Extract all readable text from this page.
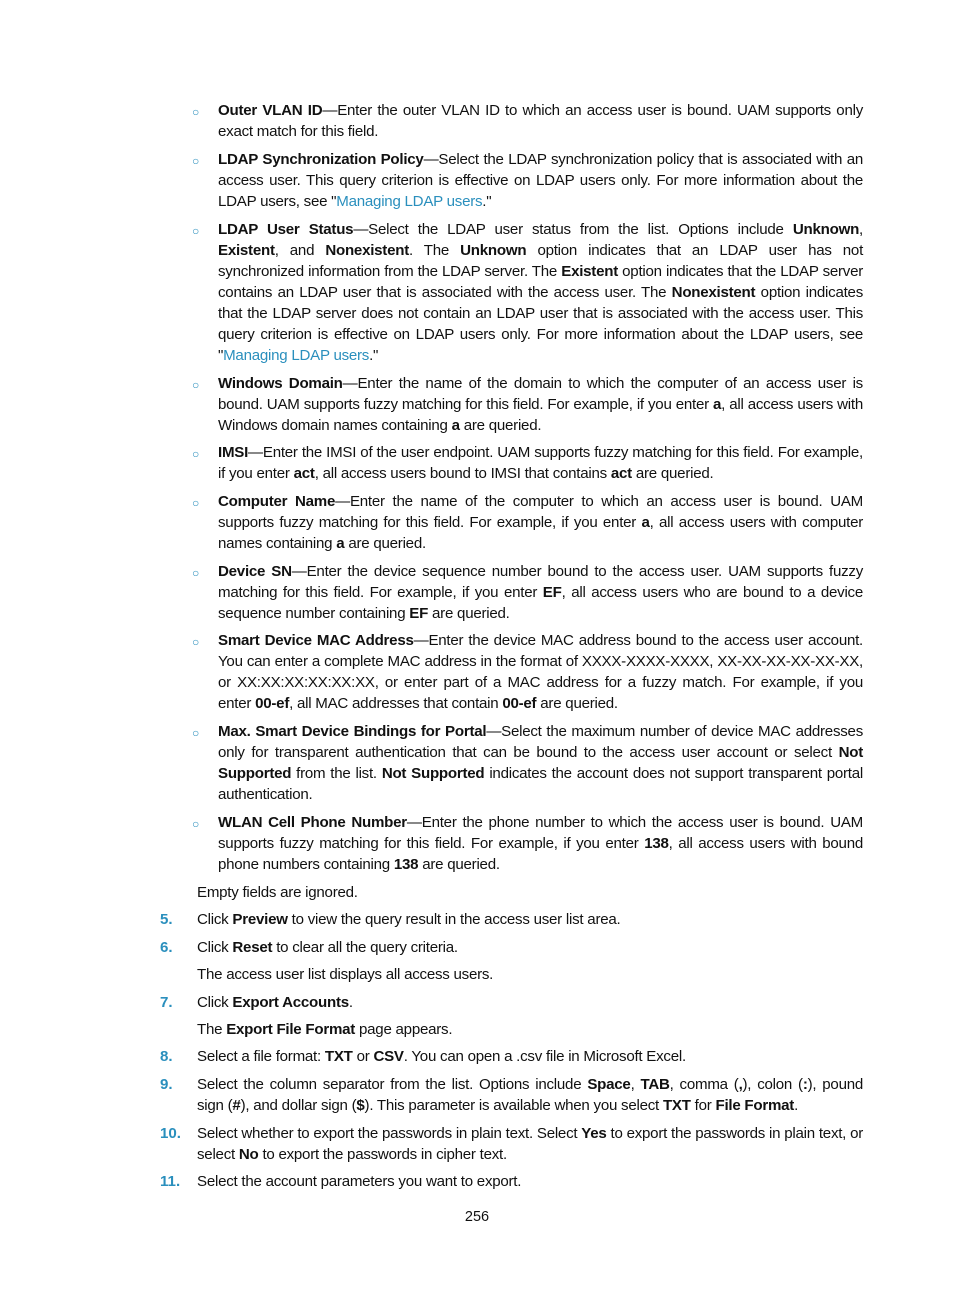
○	Outer VLAN ID—Enter the outer VLAN ID to which an access user is bound. UAM supports only exact match for this field.

○	LDAP Synchronization Policy—Select the LDAP synchronization policy that is associated with an access user. This query criterion is effective on LDAP users only. For more information about the LDAP users, see "Managing LDAP users."

○	LDAP User Status—Select the LDAP user status from the list. Options include Unknown, Existent, and Nonexistent. The Unknown option indicates that an LDAP user has not synchronized information from the LDAP server. The Existent option indicates that the LDAP server contains an LDAP user that is associated with the access user. The Nonexistent option indicates that the LDAP server does not contain an LDAP user that is associated with the access user. This query criterion is effective on LDAP users only. For more information about the LDAP users, see "Managing LDAP users."

○	Windows Domain—Enter the name of the domain to which the computer of an access user is bound. UAM supports fuzzy matching for this field. For example, if you enter a, all access users with Windows domain names containing a are queried.

○	IMSI—Enter the IMSI of the user endpoint. UAM supports fuzzy matching for this field. For example, if you enter act, all access users bound to IMSI that contains act are queried.

○	Computer Name—Enter the name of the computer to which an access user is bound. UAM supports fuzzy matching for this field. For example, if you enter a, all access users with computer names containing a are queried.

○	Device SN—Enter the device sequence number bound to the access user. UAM supports fuzzy matching for this field. For example, if you enter EF, all access users who are bound to a device sequence number containing EF are queried.

○	Smart Device MAC Address—Enter the device MAC address bound to the access user account. You can enter a complete MAC address in the format of XXXX-XXXX-XXXX, XX-XX-XX-XX-XX-XX, or XX:XX:XX:XX:XX:XX, or enter part of a MAC address for a fuzzy match. For example, if you enter 00-ef, all MAC addresses that contain 00-ef are queried.

○	Max. Smart Device Bindings for Portal—Select the maximum number of device MAC addresses only for transparent authentication that can be bound to the access user account or select Not Supported from the list. Not Supported indicates the account does not support transparent portal authentication.

○	WLAN Cell Phone Number—Enter the phone number to which the access user is bound. UAM supports fuzzy matching for this field. For example, if you enter 138, all access users with bound phone numbers containing 138 are queried.

Empty fields are ignored.

5.	Click Preview to view the query result in the access user list area.

6.	Click Reset to clear all the query criteria.

The access user list displays all access users.

7.	Click Export Accounts.

The Export File Format page appears.

8.	Select a file format: TXT or CSV. You can open a .csv file in Microsoft Excel.

9.	Select the column separator from the list. Options include Space, TAB, comma (,), colon (:), pound sign (#), and dollar sign ($). This parameter is available when you select TXT for File Format.

10.	Select whether to export the passwords in plain text. Select Yes to export the passwords in plain text, or select No to export the passwords in cipher text.

11.	Select the account parameters you want to export.

256
